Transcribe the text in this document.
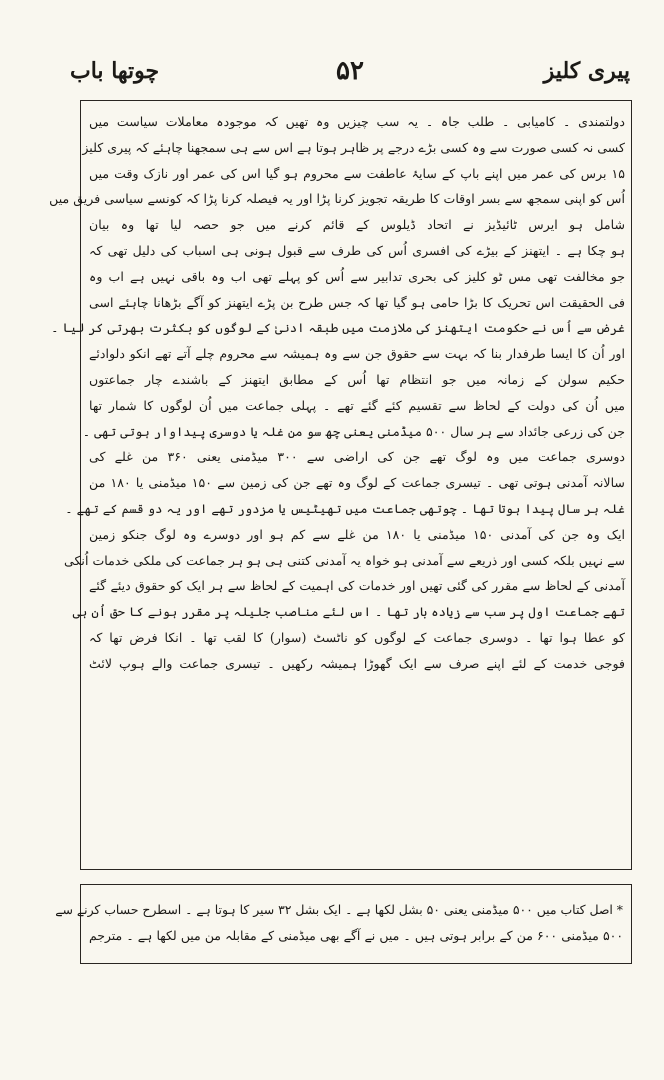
پیری کلیز
۵۲
چوتھا باب
دولتمندی ۔ کامیابی ۔ طلب جاہ ۔ یہ سب چیزیں وہ تھیں کہ موجودہ معاملات سیاست میں
کسی نہ کسی صورت سے وہ کسی بڑے درجے پر ظاہر ہوتا ہے اس سے ہی سمجھنا چاہئے کہ پیری کلیز
۱۵ برس کی عمر میں اپنے باپ کے سایۂ عاطفت سے محروم ہو گیا اس کی عمر اور نازک وقت میں
اُس کو اپنی سمجھ سے بسر اوقات کا طریقہ تجویز کرنا پڑا اور یہ فیصلہ کرنا پڑا کہ کونسے سیاسی فریق میں
شامل ہو ایرس ٹائیڈیز نے اتحاد ڈیلوس کے قائم کرنے میں جو حصہ لیا تھا وہ بیان
ہو چکا ہے ۔ ایتھنز کے بیڑے کی افسری اُس کی طرف سے قبول ہونی ہی اسباب کی دلیل تھی کہ
جو مخالفت تھی مس ٹو کلیز کی بحری تدابیر سے اُس کو پہلے تھی اب وہ باقی نہیں ہے اب وہ
فی الحقیقت اس تحریک کا بڑا حامی ہو گیا تھا کہ جس طرح بن پڑے ایتھنز کو آگے بڑھانا چاہئے اسی
غرض سے اُس نے حکومت ایتھنز کی ملازمت میں طبقہ ادنیٰ کے لوگوں کو بکثرت بھرتی کر لیا ۔
اور اُن کا ایسا طرفدار بنا کہ بہت سے حقوق جن سے وہ ہمیشہ سے محروم چلے آتے تھے انکو دلوادئے
حکیم سولن کے زمانہ میں جو انتظام تھا اُس کے مطابق ایتھنز کے باشندے چار جماعتوں
میں اُن کی دولت کے لحاظ سے تقسیم کئے گئے تھے ۔ پہلی جماعت میں اُن لوگوں کا شمار تھا
جن کی زرعی جائداد سے ہر سال ۵۰۰ میڈمنی یعنی چھ سو من غلہ یا دوسری پیداوار ہوتی تھی ۔
دوسری جماعت میں وہ لوگ تھے جن کی اراضی سے ۳۰۰ میڈمنی یعنی ۳۶۰ من غلے کی
سالانہ آمدنی ہوتی تھی ۔ تیسری جماعت کے لوگ وہ تھے جن کی زمین سے ۱۵۰ میڈمنی یا ۱۸۰ من
غلہ ہر سال پیدا ہوتا تھا ۔ چوتھی جماعت میں تھیٹیس یا مزدور تھے اور یہ دو قسم کے تھے ۔
ایک وہ جن کی آمدنی ۱۵۰ میڈمنی یا ۱۸۰ من غلے سے کم ہو اور دوسرے وہ لوگ جنکو زمین
سے نہیں بلکہ کسی اور ذریعے سے آمدنی ہو خواہ یہ آمدنی کتنی ہی ہو ہر جماعت کی ملکی خدمات اُنکی
آمدنی کے لحاظ سے مقرر کی گئی تھیں اور خدمات کی اہمیت کے لحاظ سے ہر ایک کو حقوق دیئے گئے
تھے جماعت اول پر سب سے زیادہ بار تھا ۔ اس لئے مناصب جلیلہ پر مقرر ہونے کا حق اُن ہی
کو عطا ہوا تھا ۔ دوسری جماعت کے لوگوں کو ناٹسٹ (سوار) کا لقب تھا ۔ انکا فرض تھا کہ
فوجی خدمت کے لئے اپنے صرف سے ایک گھوڑا ہمیشہ رکھیں ۔ تیسری جماعت والے ہوپ لائٹ
* اصل کتاب میں ۵۰۰ میڈمنی یعنی ۵۰ بشل لکھا ہے ۔ ایک بشل ۳۲ سیر کا ہوتا ہے ۔ اسطرح حساب کرنے سے
۵۰۰ میڈمنی ۶۰۰ من کے برابر ہوتی ہیں ۔ میں نے آگے بھی میڈمنی کے مقابلہ من میں لکھا ہے ۔ مترجم
